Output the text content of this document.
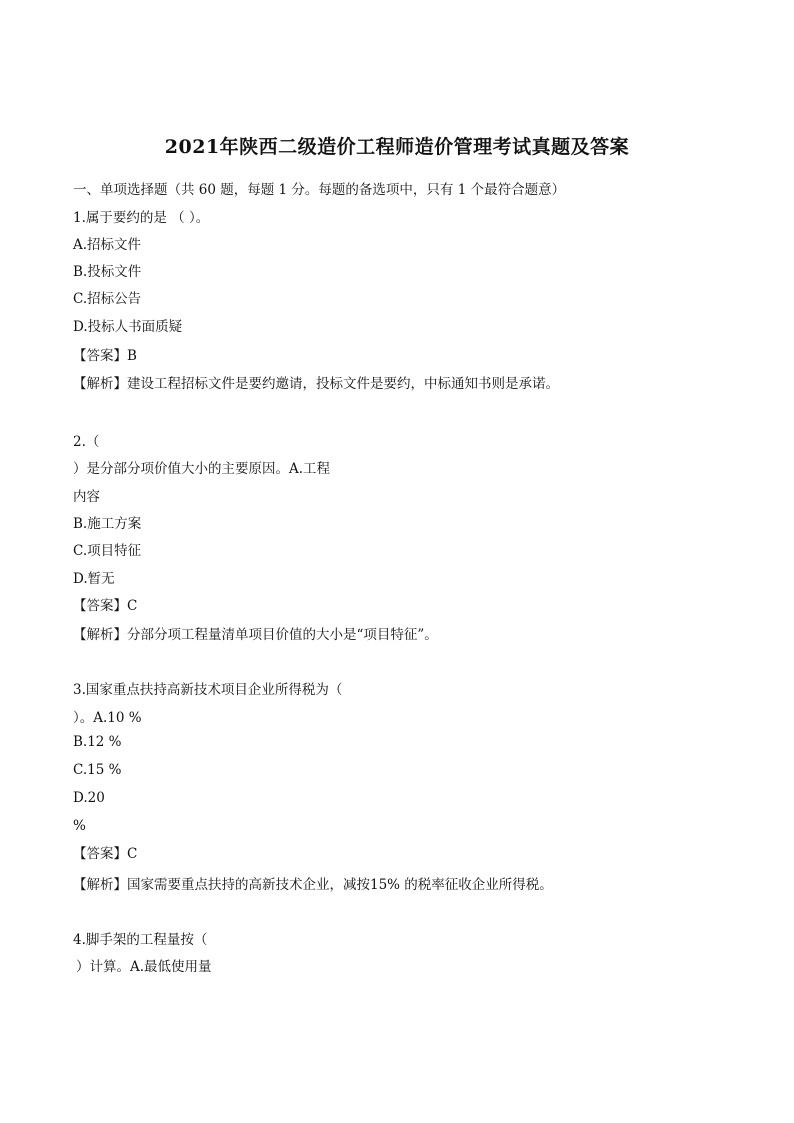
2021年陕西二级造价工程师造价管理考试真题及答案
一、单项选择题（共 60 题，每题 1 分。每题的备选项中，只有 1 个最符合题意）
1.属于要约的是 （ ）。
A.招标文件
B.投标文件
C.招标公告
D.投标人书面质疑
【答案】B
【解析】建设工程招标文件是要约邀请，投标文件是要约，中标通知书则是承诺。
2.（
）是分部分项价值大小的主要原因。A.工程
内容
B.施工方案
C.项目特征
D.暂无
【答案】C
【解析】分部分项工程量清单项目价值的大小是“项目特征”。
3.国家重点扶持高新技术项目企业所得税为（
）。A.10 %
B.12 %
C.15 %
D.20
%
【答案】C
【解析】国家需要重点扶持的高新技术企业，减按15% 的税率征收企业所得税。
4.脚手架的工程量按（
）计算。A.最低使用量
